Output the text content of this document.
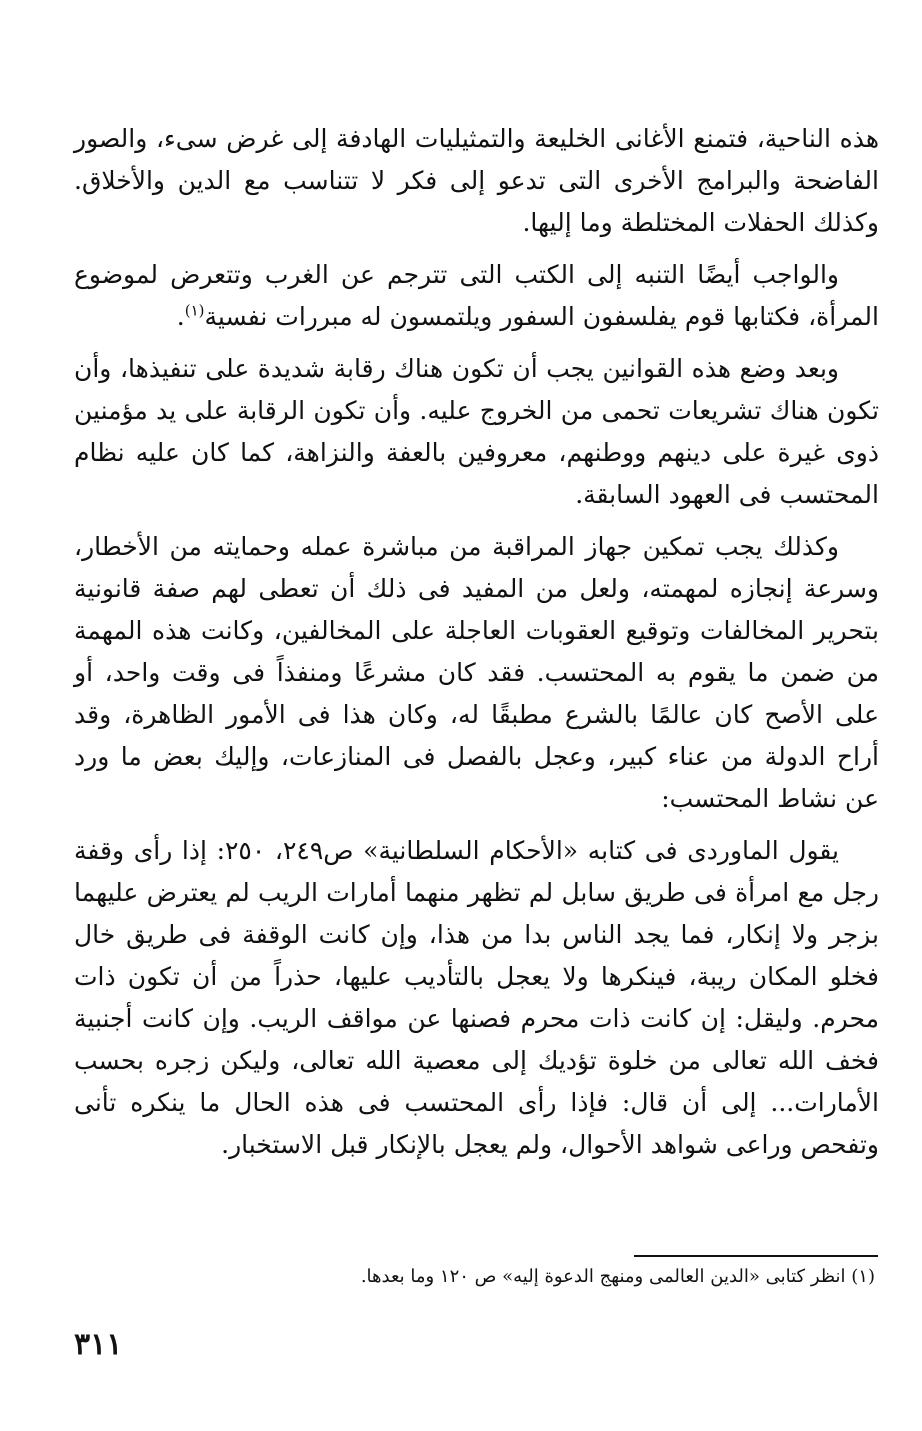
هذه الناحية، فتمنع الأغانى الخليعة والتمثيليات الهادفة إلى غرض سىء، والصور الفاضحة والبرامج الأخرى التى تدعو إلى فكر لا تتناسب مع الدين والأخلاق. وكذلك الحفلات المختلطة وما إليها.

والواجب أيضًا التنبه إلى الكتب التى تترجم عن الغرب وتتعرض لموضوع المرأة، فكتابها قوم يفلسفون السفور ويلتمسون له مبررات نفسية$^{(١)}$.

وبعد وضع هذه القوانين يجب أن تكون هناك رقابة شديدة على تنفيذها، وأن تكون هناك تشريعات تحمى من الخروج عليه. وأن تكون الرقابة على يد مؤمنين ذوى غيرة على دينهم ووطنهم، معروفين بالعفة والنزاهة، كما كان عليه نظام المحتسب فى العهود السابقة.

وكذلك يجب تمكين جهاز المراقبة من مباشرة عمله وحمايته من الأخطار، وسرعة إنجازه لمهمته، ولعل من المفيد فى ذلك أن تعطى لهم صفة قانونية بتحرير المخالفات وتوقيع العقوبات العاجلة على المخالفين، وكانت هذه المهمة من ضمن ما يقوم به المحتسب. فقد كان مشرعًا ومنفذاً فى وقت واحد، أو على الأصح كان عالمًا بالشرع مطبقًا له، وكان هذا فى الأمور الظاهرة، وقد أراح الدولة من عناء كبير، وعجل بالفصل فى المنازعات، وإليك بعض ما ورد عن نشاط المحتسب:

يقول الماوردى فى كتابه «الأحكام السلطانية» ص٢٤٩، ٢٥٠: إذا رأى وقفة رجل مع امرأة فى طريق سابل لم تظهر منهما أمارات الريب لم يعترض عليهما بزجر ولا إنكار، فما يجد الناس بدا من هذا، وإن كانت الوقفة فى طريق خال فخلو المكان ريبة، فينكرها ولا يعجل بالتأديب عليها، حذراً من أن تكون ذات محرم. وليقل: إن كانت ذات محرم فصنها عن مواقف الريب. وإن كانت أجنبية فخف الله تعالى من خلوة تؤديك إلى معصية الله تعالى، وليكن زجره بحسب الأمارات... إلى أن قال: فإذا رأى المحتسب فى هذه الحال ما ينكره تأنى وتفحص وراعى شواهد الأحوال، ولم يعجل بالإنكار قبل الاستخبار.

(١) انظر كتابى «الدين العالمى ومنهج الدعوة إليه» ص ١٢٠ وما بعدها.

٣١١
